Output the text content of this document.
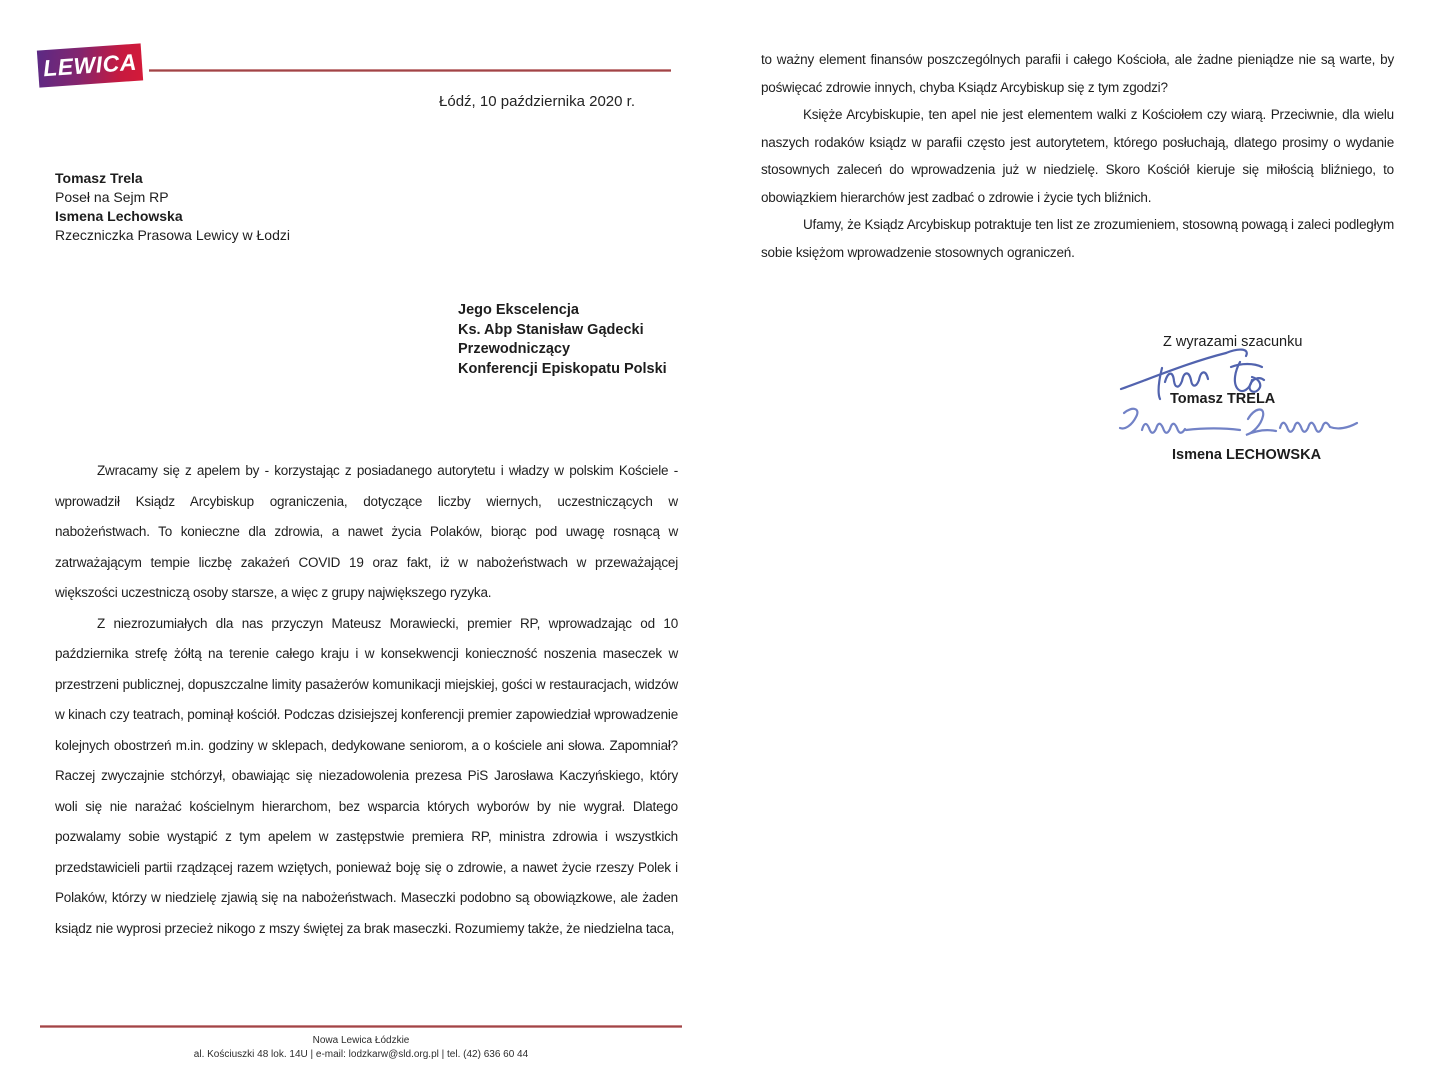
LEWICA
Łódź, 10 października 2020 r.
Tomasz Trela
Poseł na Sejm RP
Ismena Lechowska
Rzeczniczka Prasowa Lewicy w Łodzi
Jego Ekscelencja
Ks. Abp Stanisław Gądecki
Przewodniczący
Konferencji Episkopatu Polski

Zwracamy się z apelem by - korzystając z posiadanego autorytetu i władzy w polskim Kościele - wprowadził Ksiądz Arcybiskup ograniczenia, dotyczące liczby wiernych, uczestniczących w nabożeństwach. To konieczne dla zdrowia, a nawet życia Polaków, biorąc pod uwagę rosnącą w zatrważającym tempie liczbę zakażeń COVID 19 oraz fakt, iż w nabożeństwach w przeważającej większości uczestniczą osoby starsze, a więc z grupy największego ryzyka.

Z niezrozumiałych dla nas przyczyn Mateusz Morawiecki, premier RP, wprowadzając od 10 października strefę żółtą na terenie całego kraju i w konsekwencji konieczność noszenia maseczek w przestrzeni publicznej, dopuszczalne limity pasażerów komunikacji miejskiej, gości w restauracjach, widzów w kinach czy teatrach, pominął kościół. Podczas dzisiejszej konferencji premier zapowiedział wprowadzenie kolejnych obostrzeń m.in. godziny w sklepach, dedykowane seniorom, a o kościele ani słowa. Zapomniał? Raczej zwyczajnie stchórzył, obawiając się niezadowolenia prezesa PiS Jarosława Kaczyńskiego, który woli się nie narażać kościelnym hierarchom, bez wsparcia których wyborów by nie wygrał. Dlatego pozwalamy sobie wystąpić z tym apelem w zastępstwie premiera RP, ministra zdrowia i wszystkich przedstawicieli partii rządzącej razem wziętych, ponieważ boję się o zdrowie, a nawet życie rzeszy Polek i Polaków, którzy w niedzielę zjawią się na nabożeństwach. Maseczki podobno są obowiązkowe, ale żaden ksiądz nie wyprosi przecież nikogo z mszy świętej za brak maseczki. Rozumiemy także, że niedzielna taca,

to ważny element finansów poszczególnych parafii i całego Kościoła, ale żadne pieniądze nie są warte, by poświęcać zdrowie innych, chyba Ksiądz Arcybiskup się z tym zgodzi?

Księże Arcybiskupie, ten apel nie jest elementem walki z Kościołem czy wiarą. Przeciwnie, dla wielu naszych rodaków ksiądz w parafii często jest autorytetem, którego posłuchają, dlatego prosimy o wydanie stosownych zaleceń do wprowadzenia już w niedzielę. Skoro Kościół kieruje się miłością bliźniego, to obowiązkiem hierarchów jest zadbać o zdrowie i życie tych bliźnich.

Ufamy, że Ksiądz Arcybiskup potraktuje ten list ze zrozumieniem, stosowną powagą i zaleci podległym sobie księżom wprowadzenie stosownych ograniczeń.

Z wyrazami szacunku
Tomasz TRELA
Ismena LECHOWSKA
Nowa Lewica Łódzkie
al. Kościuszki 48 lok. 14U | e-mail: lodzkarw@sld.org.pl | tel. (42) 636 60 44
